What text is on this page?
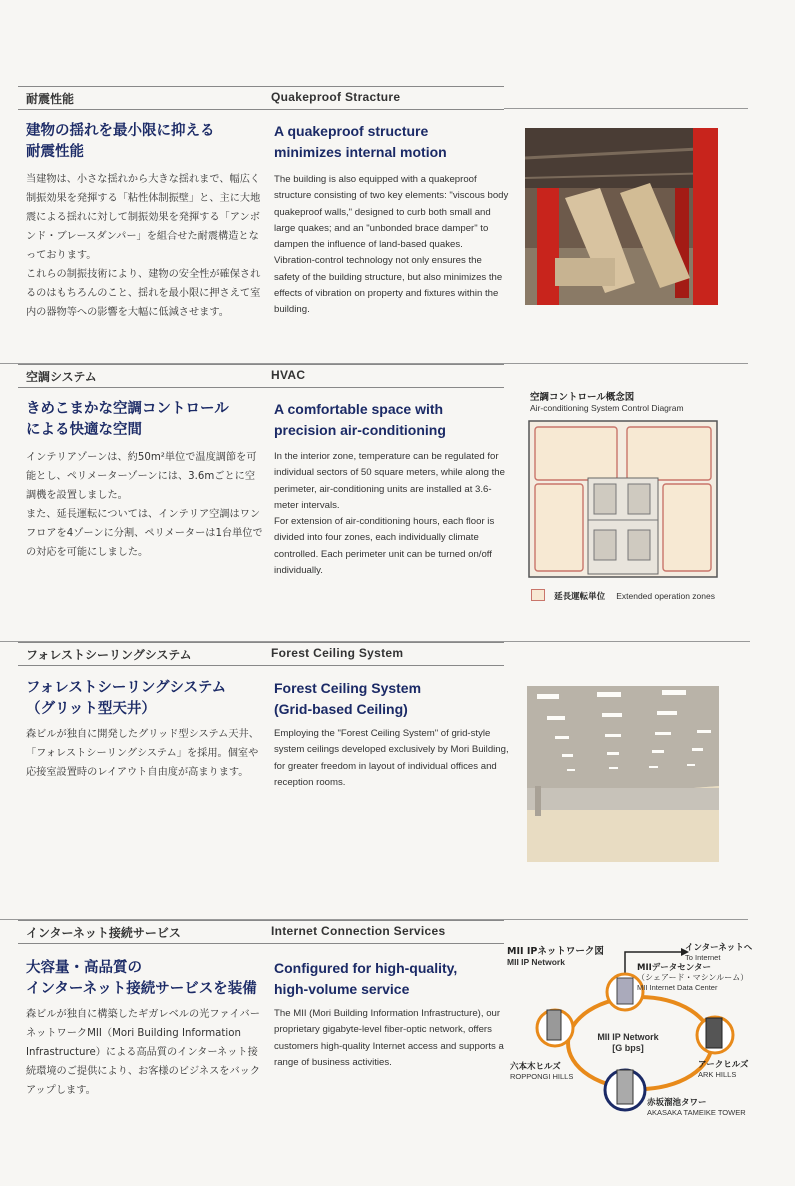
耐震性能	Quakeproof Stracture
建物の揺れを最小限に抑える
耐震性能
A quakeproof structure
minimizes internal motion
当建物は、小さな揺れから大きな揺れまで、幅広く制振効果を発揮する「粘性体制振壁」と、主に大地震による揺れに対して制振効果を発揮する「アンボンド・ブレースダンパー」を組合せた耐震構造となっております。
これらの制振技術により、建物の安全性が確保されるのはもちろんのこと、揺れを最小限に押さえて室内の器物等への影響を大幅に低減させます。
The building is also equipped with a quakeproof structure consisting of two key elements: "viscous body quakeproof walls," designed to curb both small and large quakes; and an "unbonded brace damper" to dampen the influence of land-based quakes.
Vibration-control technology not only ensures the safety of the building structure, but also minimizes the effects of vibration on property and fixtures within the building.
空調システム	HVAC
きめこまかな空調コントロール
による快適な空間
A comfortable space with
precision air-conditioning
インテリアゾーンは、約50m²単位で温度調節を可能とし、ペリメーターゾーンには、3.6mごとに空調機を設置しました。
また、延長運転については、インテリア空調はワンフロアを4ゾーンに分割、ペリメーターは1台単位での対応を可能にしました。
In the interior zone, temperature can be regulated for individual sectors of 50 square meters, while along the perimeter, air-conditioning units are installed at 3.6-meter intervals.
For extension of air-conditioning hours, each floor is divided into four zones, each individually climate controlled. Each perimeter unit can be turned on/off individually.
空調コントロール概念図
Air-conditioning System Control Diagram
延長運転単位 Extended operation zones
フォレストシーリングシステム	Forest Ceiling System
フォレストシーリングシステム
（グリット型天井）
Forest Ceiling System
(Grid-based Ceiling)
森ビルが独自に開発したグリッド型システム天井、「フォレストシーリングシステム」を採用。個室や応接室設置時のレイアウト自由度が高まります。
Employing the "Forest Ceiling System" of grid-style system ceilings developed exclusively by Mori Building, for greater freedom in layout of individual offices and reception rooms.
インターネット接続サービス	Internet Connection Services
大容量・高品質の
インターネット接続サービスを装備
Configured for high-quality,
high-volume service
森ビルが独自に構築したギガレベルの光ファイバーネットワークMII（Mori Building Information Infrastructure）による高品質のインターネット接続環境のご提供により、お客様のビジネスをバックアップします。
The MII (Mori Building Information Infrastructure), our proprietary gigabyte-level fiber-optic network, offers customers high-quality Internet access and supports a range of business activities.
MII IPネットワーク図
MII IP Network
インターネットへ
To Internet
MIIデータセンター
（シェアード・マシンルーム）
MII Internet Data Center
MII IP Network
[G bps]
六本木ヒルズ
ROPPONGI HILLS
アークヒルズ
ARK HILLS
赤坂溜池タワー
AKASAKA TAMEIKE TOWER
